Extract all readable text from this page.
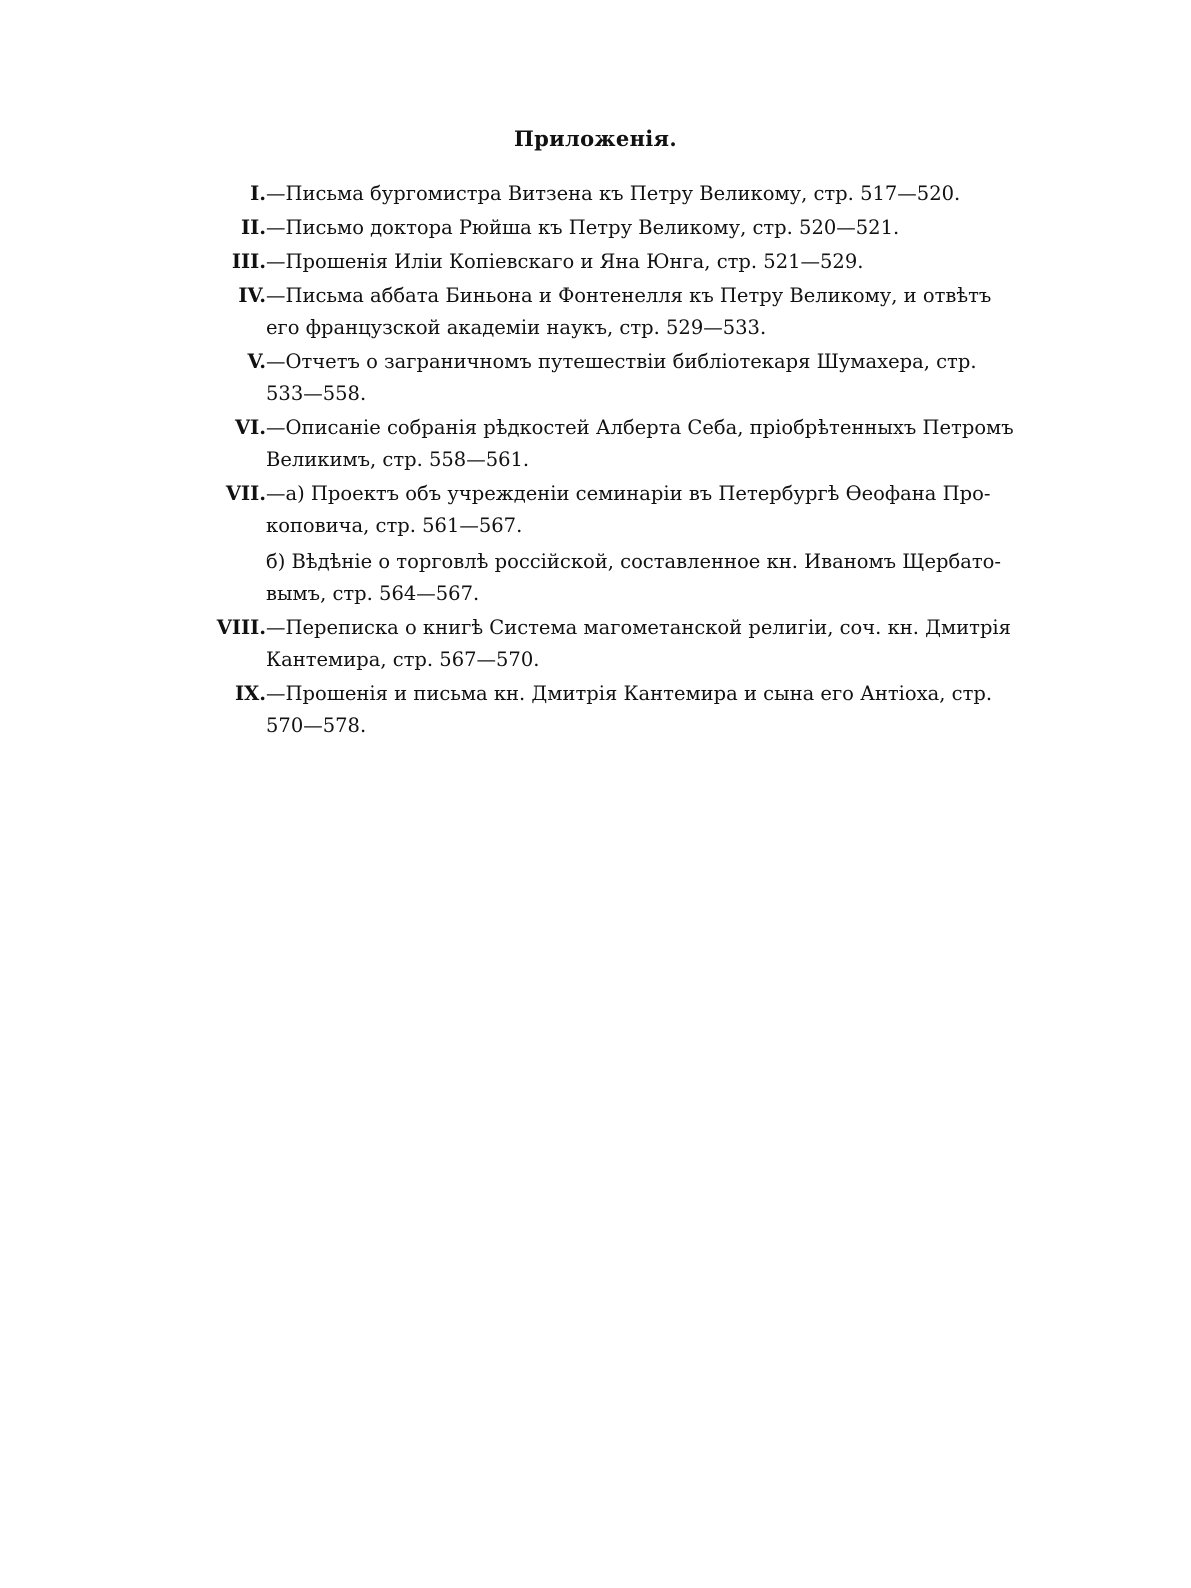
Приложенія.
I. —Письма бургомистра Витзена къ Петру Великому, стр. 517—520.
II. —Письмо доктора Рюйша къ Петру Великому, стр. 520—521.
III. —Прошенія Иліи Копіевскаго и Яна Юнга, стр. 521—529.
IV. —Письма аббата Биньона и Фонтенелля къ Петру Великому, и отвѣтъ
его французской академіи наукъ, стр. 529—533.
V. —Отчетъ о заграничномъ путешествіи библіотекаря Шумахера, стр.
533—558.
VI. —Описаніе собранія рѣдкостей Алберта Себа, пріобрѣтенныхъ Петромъ
Великимъ, стр. 558—561.
VII. —а) Проектъ объ учрежденіи семинаріи въ Петербургѣ Ѳеофана Про-
коповича, стр. 561—567.
б) Вѣдѣніе о торговлѣ россійской, составленное кн. Иваномъ Щербато-
вымъ, стр. 564—567.
VIII. —Переписка о книгѣ Система магометанской религіи, соч. кн. Дмитрія
Кантемира, стр. 567—570.
IX. —Прошенія и письма кн. Дмитрія Кантемира и сына его Антіоха, стр.
570—578.
